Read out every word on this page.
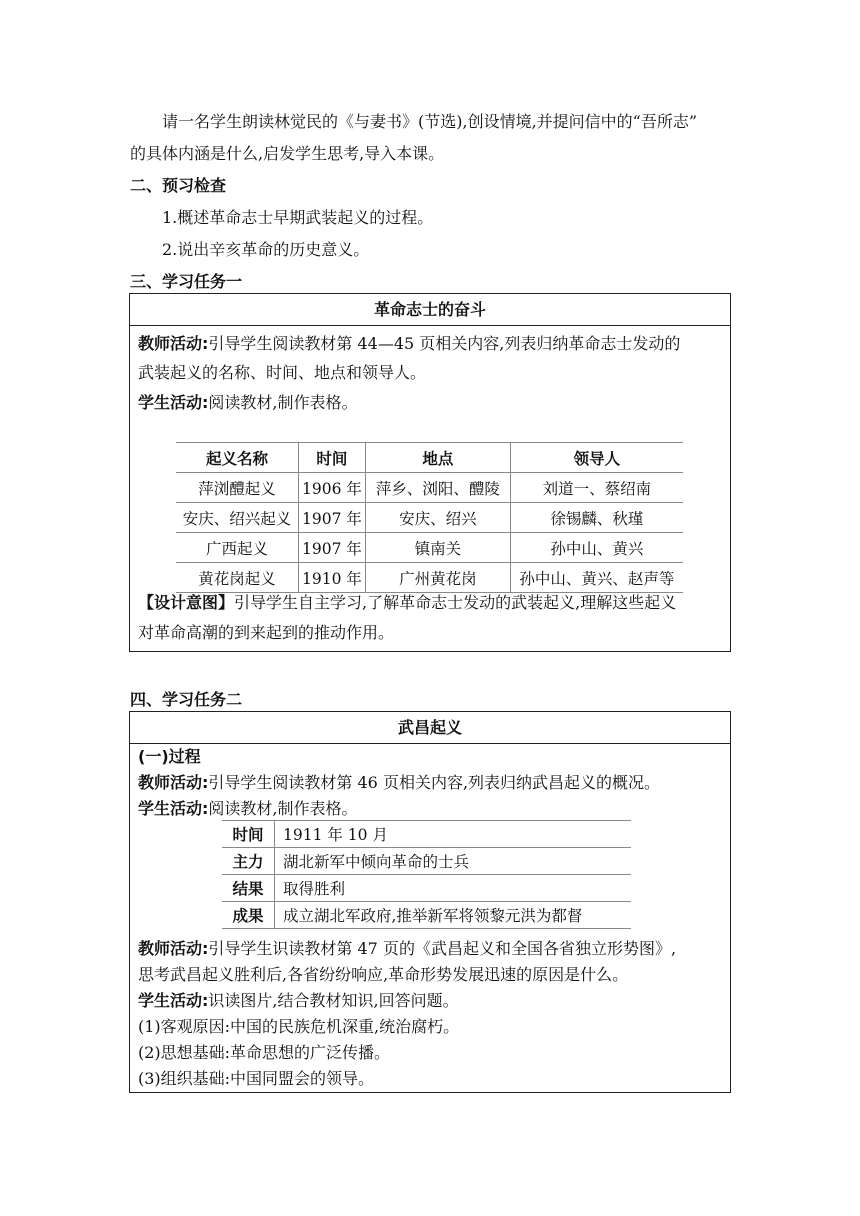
请一名学生朗读林觉民的《与妻书》(节选),创设情境,并提问信中的“吾所志”
的具体内涵是什么,启发学生思考,导入本课。
二、预习检查
1.概述革命志士早期武装起义的过程。
2.说出辛亥革命的历史意义。
三、学习任务一
革命志士的奋斗
教师活动:引导学生阅读教材第 44—45 页相关内容,列表归纳革命志士发动的
武装起义的名称、时间、地点和领导人。
学生活动:阅读教材,制作表格。
起义名称	时间	地点	领导人
萍浏醴起义	1906 年	萍乡、浏阳、醴陵	刘道一、蔡绍南
安庆、绍兴起义	1907 年	安庆、绍兴	徐锡麟、秋瑾
广西起义	1907 年	镇南关	孙中山、黄兴
黄花岗起义	1910 年	广州黄花岗	孙中山、黄兴、赵声等
【设计意图】引导学生自主学习,了解革命志士发动的武装起义,理解这些起义
对革命高潮的到来起到的推动作用。
四、学习任务二
武昌起义
(一)过程
教师活动:引导学生阅读教材第 46 页相关内容,列表归纳武昌起义的概况。
学生活动:阅读教材,制作表格。
时间	1911 年 10 月
主力	湖北新军中倾向革命的士兵
结果	取得胜利
成果	成立湖北军政府,推举新军将领黎元洪为都督
教师活动:引导学生识读教材第 47 页的《武昌起义和全国各省独立形势图》,
思考武昌起义胜利后,各省纷纷响应,革命形势发展迅速的原因是什么。
学生活动:识读图片,结合教材知识,回答问题。
(1)客观原因:中国的民族危机深重,统治腐朽。
(2)思想基础:革命思想的广泛传播。
(3)组织基础:中国同盟会的领导。
